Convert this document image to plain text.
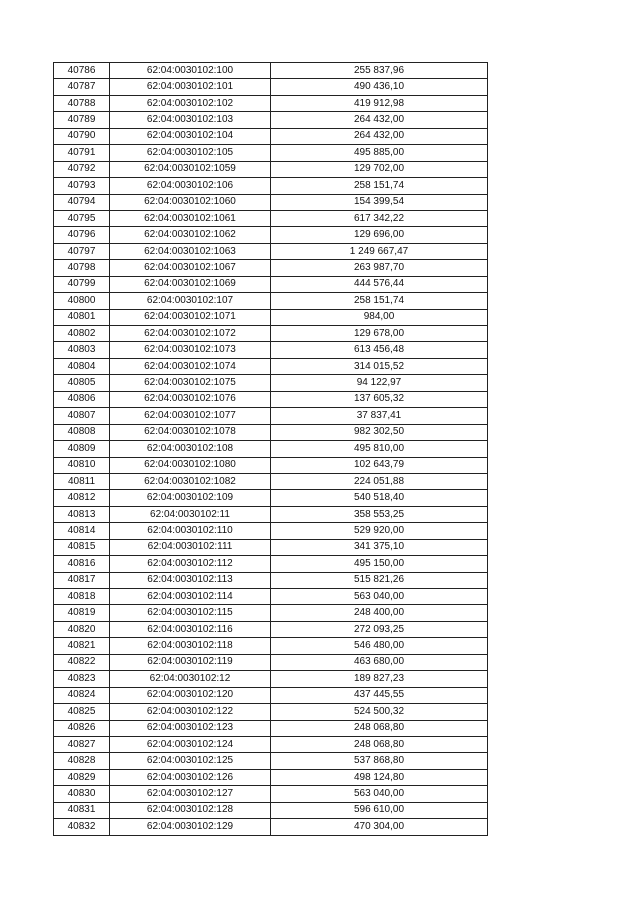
40786	62:04:0030102:100	255 837,96
40787	62:04:0030102:101	490 436,10
40788	62:04:0030102:102	419 912,98
40789	62:04:0030102:103	264 432,00
40790	62:04:0030102:104	264 432,00
40791	62:04:0030102:105	495 885,00
40792	62:04:0030102:1059	129 702,00
40793	62:04:0030102:106	258 151,74
40794	62:04:0030102:1060	154 399,54
40795	62:04:0030102:1061	617 342,22
40796	62:04:0030102:1062	129 696,00
40797	62:04:0030102:1063	1 249 667,47
40798	62:04:0030102:1067	263 987,70
40799	62:04:0030102:1069	444 576,44
40800	62:04:0030102:107	258 151,74
40801	62:04:0030102:1071	984,00
40802	62:04:0030102:1072	129 678,00
40803	62:04:0030102:1073	613 456,48
40804	62:04:0030102:1074	314 015,52
40805	62:04:0030102:1075	94 122,97
40806	62:04:0030102:1076	137 605,32
40807	62:04:0030102:1077	37 837,41
40808	62:04:0030102:1078	982 302,50
40809	62:04:0030102:108	495 810,00
40810	62:04:0030102:1080	102 643,79
40811	62:04:0030102:1082	224 051,88
40812	62:04:0030102:109	540 518,40
40813	62:04:0030102:11	358 553,25
40814	62:04:0030102:110	529 920,00
40815	62:04:0030102:111	341 375,10
40816	62:04:0030102:112	495 150,00
40817	62:04:0030102:113	515 821,26
40818	62:04:0030102:114	563 040,00
40819	62:04:0030102:115	248 400,00
40820	62:04:0030102:116	272 093,25
40821	62:04:0030102:118	546 480,00
40822	62:04:0030102:119	463 680,00
40823	62:04:0030102:12	189 827,23
40824	62:04:0030102:120	437 445,55
40825	62:04:0030102:122	524 500,32
40826	62:04:0030102:123	248 068,80
40827	62:04:0030102:124	248 068,80
40828	62:04:0030102:125	537 868,80
40829	62:04:0030102:126	498 124,80
40830	62:04:0030102:127	563 040,00
40831	62:04:0030102:128	596 610,00
40832	62:04:0030102:129	470 304,00
